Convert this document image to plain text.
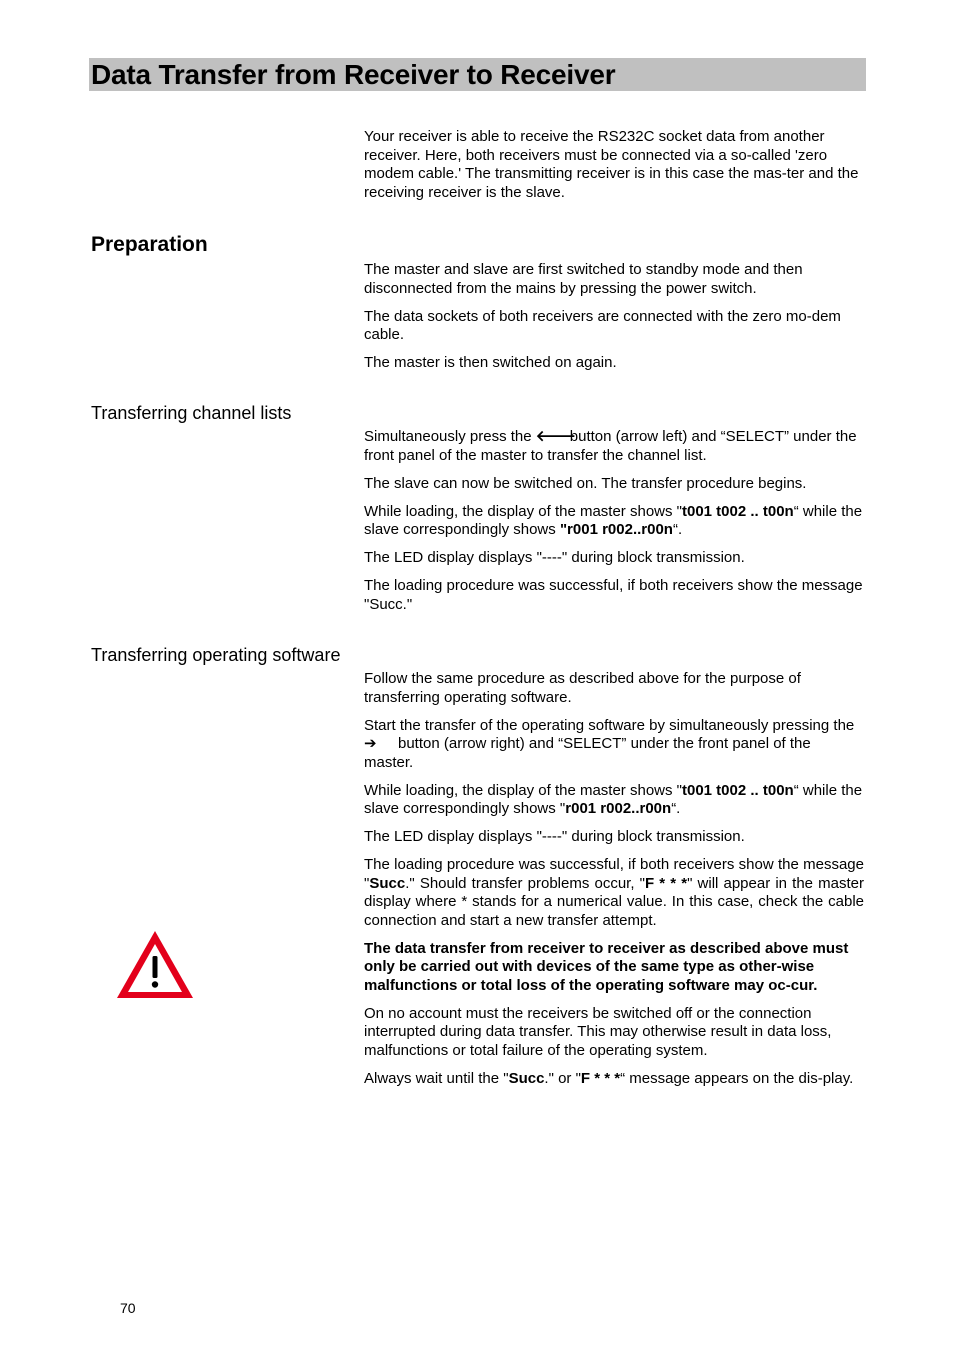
Data Transfer from Receiver to Receiver

Your receiver is able to receive the RS232C socket data from another receiver. Here, both receivers must be connected via a so-called 'zero modem cable.' The transmitting receiver is in this case the mas-ter and the receiving receiver is the slave.

Preparation

The master and slave are first switched to standby mode and then disconnected from the mains by pressing the power switch.

The data sockets of both receivers are connected with the zero mo-dem cable.

The master is then switched on again.

Transferring channel lists

Simultaneously press the 🡐button (arrow left) and “SELECT” under the front panel of the master to transfer the channel list.

The slave can now be switched on. The transfer procedure begins.

While loading, the display of the master shows "t001 t002 .. t00n“ while the slave correspondingly shows "r001 r002..r00n“.

The LED display displays "----" during block transmission.

The loading procedure was successful, if both receivers show the message "Succ."

Transferring operating software

Follow the same procedure as described above for the purpose of transferring operating software.

Start the transfer of the operating software by simultaneously pressing the ➔ button (arrow right) and “SELECT” under the front panel of the master.

While loading, the display of the master shows "t001 t002 .. t00n“ while the slave correspondingly shows "r001 r002..r00n“.

The LED display displays "----" during block transmission.

The loading procedure was successful, if both receivers show the message "Succ." Should transfer problems occur, "F * * *" will appear in the master display where * stands for a numerical value. In this case, check the cable connection and start a new transfer attempt.

The data transfer from receiver to receiver as described above must only be carried out with devices of the same type as other-wise malfunctions or total loss of the operating software may oc-cur.

On no account must the receivers be switched off or the connection interrupted during data transfer. This may otherwise result in data loss, malfunctions or total failure of the operating system.

Always wait until the "Succ." or "F * * *“ message appears on the dis-play.

70
